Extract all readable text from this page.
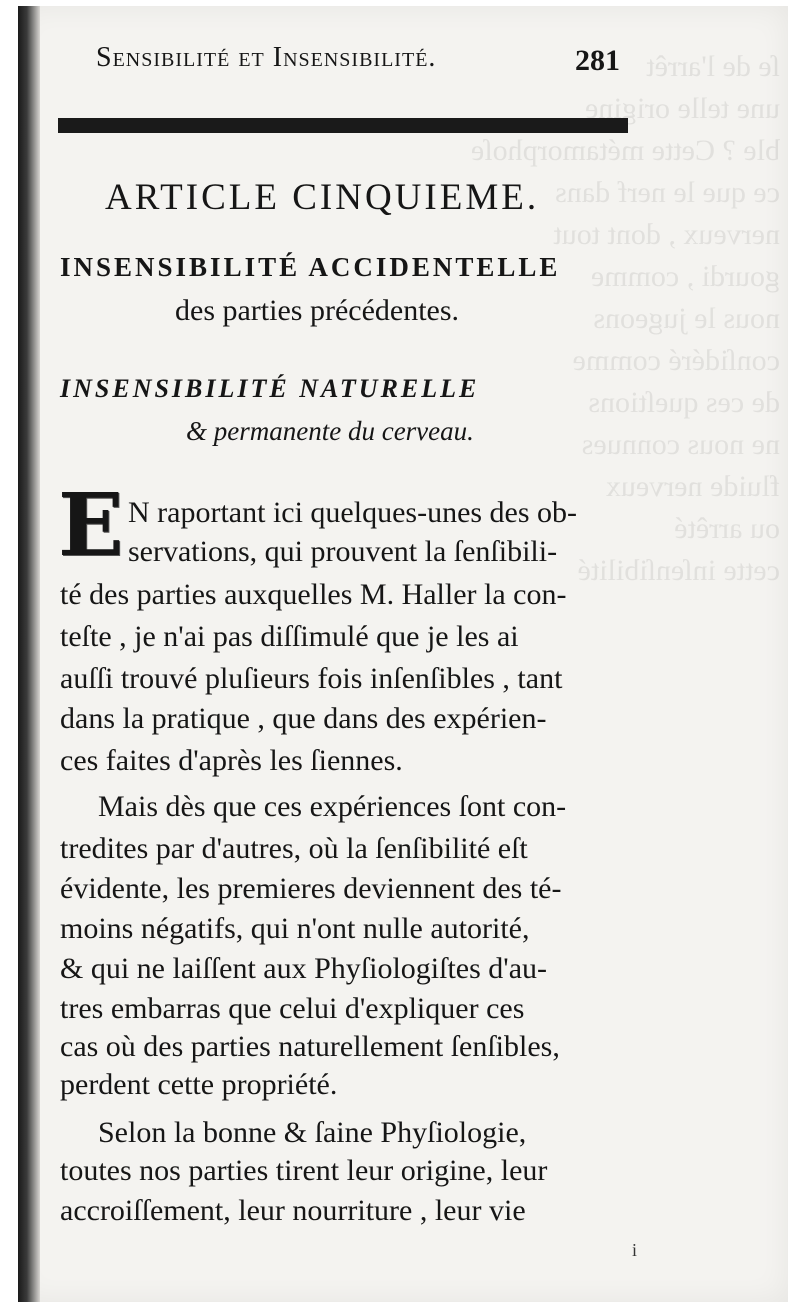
ſe de l'arrêt
une telle origine
ble ? Cette métamorphoſe
ce que le nerf dans
nerveux , dont tout
gourdi , comme
nous le jugeons
conſidéré comme
de ces queſtions
ne nous connues
fluide nerveux
ou arrêté
cette inſenſibilité
Sensibilité et Insensibilité.	281
ARTICLE CINQUIEME.
INSENSIBILITÉ ACCIDENTELLE
des parties précédentes.
INSENSIBILITÉ NATURELLE
& permanente du cerveau.
E N raportant ici quelques-unes des ob-
servations, qui prouvent la ſenſibili-
té des parties auxquelles M. Haller la con-
teſte , je n'ai pas diſſimulé que je les ai
auſſi trouvé pluſieurs fois inſenſibles , tant
dans la pratique , que dans des expérien-
ces faites d'après les ſiennes.
Mais dès que ces expériences ſont con-
tredites par d'autres, où la ſenſibilité eſt
évidente, les premieres deviennent des té-
moins négatifs, qui n'ont nulle autorité,
& qui ne laiſſent aux Phyſiologiſtes d'au-
tres embarras que celui d'expliquer ces
cas où des parties naturellement ſenſibles,
perdent cette propriété.
Selon la bonne & ſaine Phyſiologie,
toutes nos parties tirent leur origine, leur
accroiſſement, leur nourriture , leur vie
i
